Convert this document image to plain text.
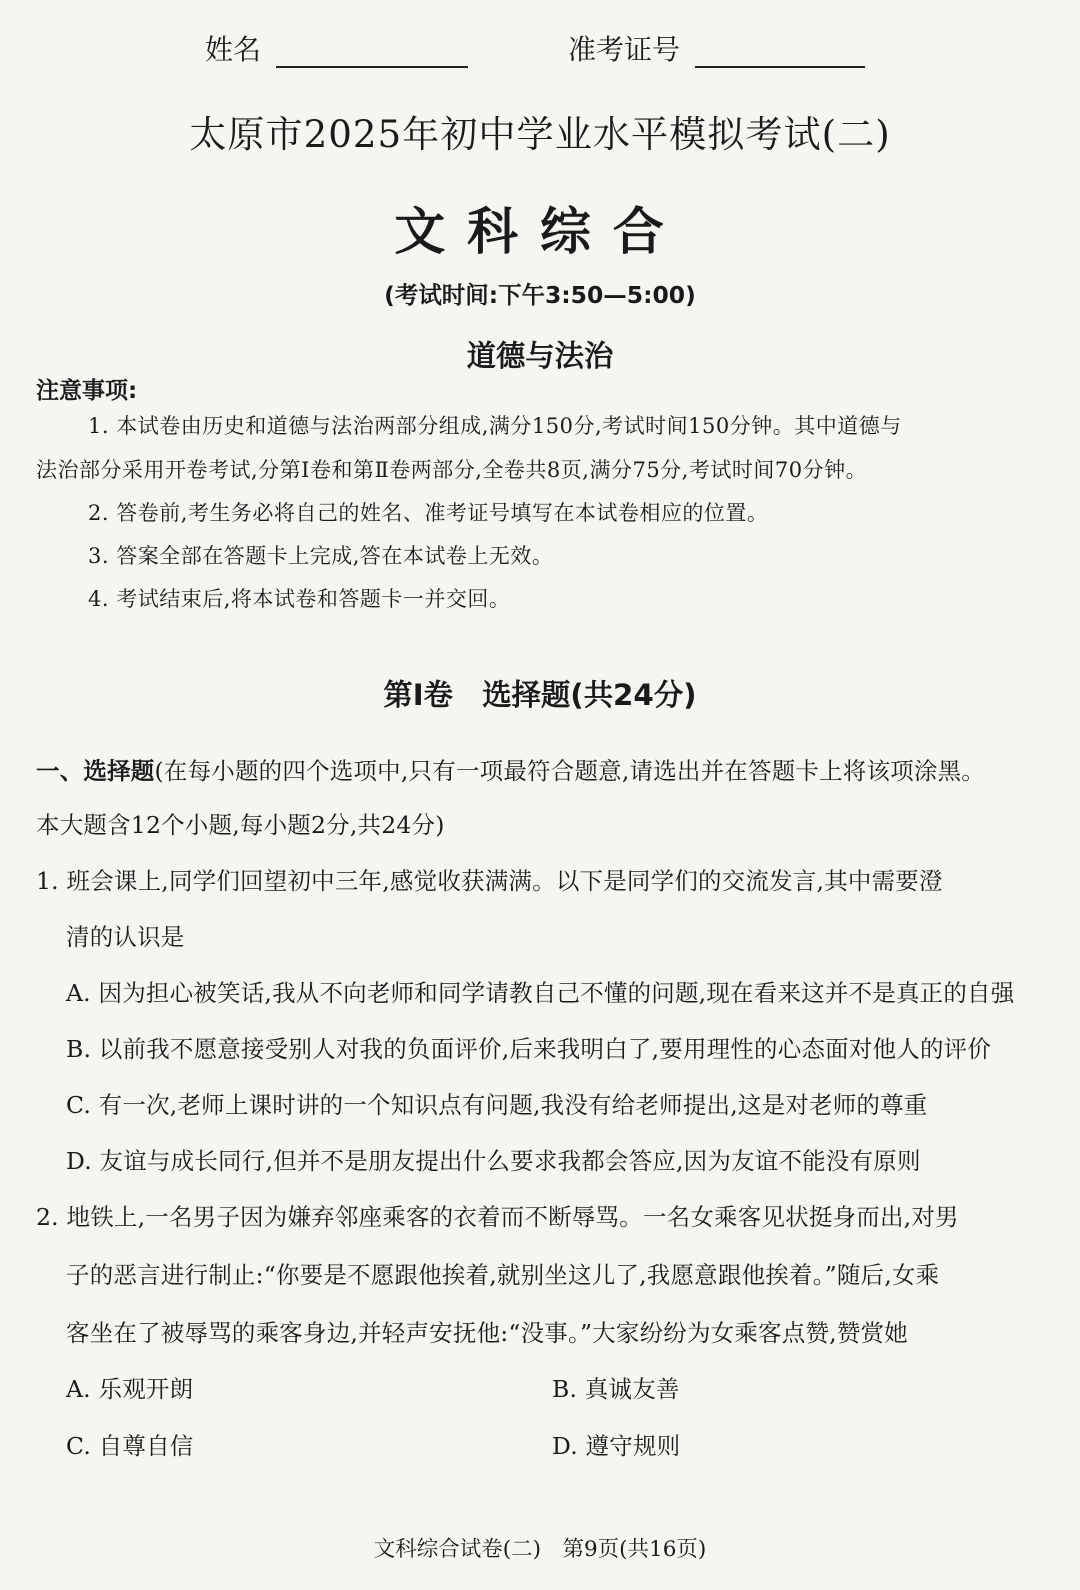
姓名	准考证号
太原市2025年初中学业水平模拟考试(二)
文科综合
(考试时间:下午3:50—5:00)
道德与法治
注意事项:
1. 本试卷由历史和道德与法治两部分组成,满分150分,考试时间150分钟。其中道德与
法治部分采用开卷考试,分第Ⅰ卷和第Ⅱ卷两部分,全卷共8页,满分75分,考试时间70分钟。
2. 答卷前,考生务必将自己的姓名、准考证号填写在本试卷相应的位置。
3. 答案全部在答题卡上完成,答在本试卷上无效。
4. 考试结束后,将本试卷和答题卡一并交回。
第Ⅰ卷　选择题(共24分)
一、选择题(在每小题的四个选项中,只有一项最符合题意,请选出并在答题卡上将该项涂黑。
本大题含12个小题,每小题2分,共24分)
1. 班会课上,同学们回望初中三年,感觉收获满满。以下是同学们的交流发言,其中需要澄
清的认识是
A. 因为担心被笑话,我从不向老师和同学请教自己不懂的问题,现在看来这并不是真正的自强
B. 以前我不愿意接受别人对我的负面评价,后来我明白了,要用理性的心态面对他人的评价
C. 有一次,老师上课时讲的一个知识点有问题,我没有给老师提出,这是对老师的尊重
D. 友谊与成长同行,但并不是朋友提出什么要求我都会答应,因为友谊不能没有原则
2. 地铁上,一名男子因为嫌弃邻座乘客的衣着而不断辱骂。一名女乘客见状挺身而出,对男
子的恶言进行制止:“你要是不愿跟他挨着,就别坐这儿了,我愿意跟他挨着。”随后,女乘
客坐在了被辱骂的乘客身边,并轻声安抚他:“没事。”大家纷纷为女乘客点赞,赞赏她
A. 乐观开朗	B. 真诚友善
C. 自尊自信	D. 遵守规则
文科综合试卷(二)　第9页(共16页)
